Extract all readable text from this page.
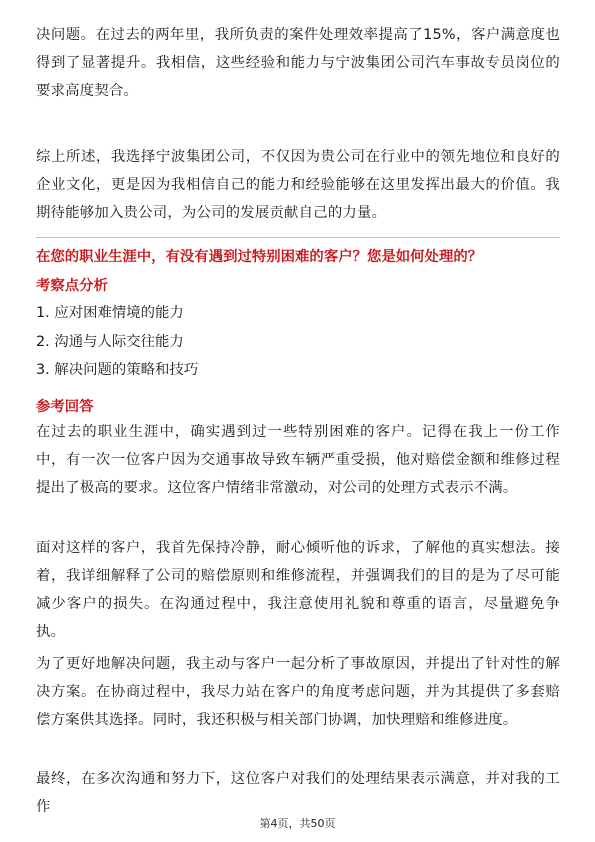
决问题。在过去的两年里，我所负责的案件处理效率提高了15%，客户满意度也得到了显著提升。我相信，这些经验和能力与宁波集团公司汽车事故专员岗位的要求高度契合。

综上所述，我选择宁波集团公司，不仅因为贵公司在行业中的领先地位和良好的企业文化，更是因为我相信自己的能力和经验能够在这里发挥出最大的价值。我期待能够加入贵公司，为公司的发展贡献自己的力量。

在您的职业生涯中，有没有遇到过特别困难的客户？您是如何处理的？

考察点分析

1. 应对困难情境的能力
2. 沟通与人际交往能力
3. 解决问题的策略和技巧

参考回答

在过去的职业生涯中，确实遇到过一些特别困难的客户。记得在我上一份工作中，有一次一位客户因为交通事故导致车辆严重受损，他对赔偿金额和维修过程提出了极高的要求。这位客户情绪非常激动，对公司的处理方式表示不满。

面对这样的客户，我首先保持冷静，耐心倾听他的诉求，了解他的真实想法。接着，我详细解释了公司的赔偿原则和维修流程，并强调我们的目的是为了尽可能减少客户的损失。在沟通过程中，我注意使用礼貌和尊重的语言，尽量避免争执。

为了更好地解决问题，我主动与客户一起分析了事故原因，并提出了针对性的解决方案。在协商过程中，我尽力站在客户的角度考虑问题，并为其提供了多套赔偿方案供其选择。同时，我还积极与相关部门协调，加快理赔和维修进度。

最终，在多次沟通和努力下，这位客户对我们的处理结果表示满意，并对我的工作

第4页，共50页
